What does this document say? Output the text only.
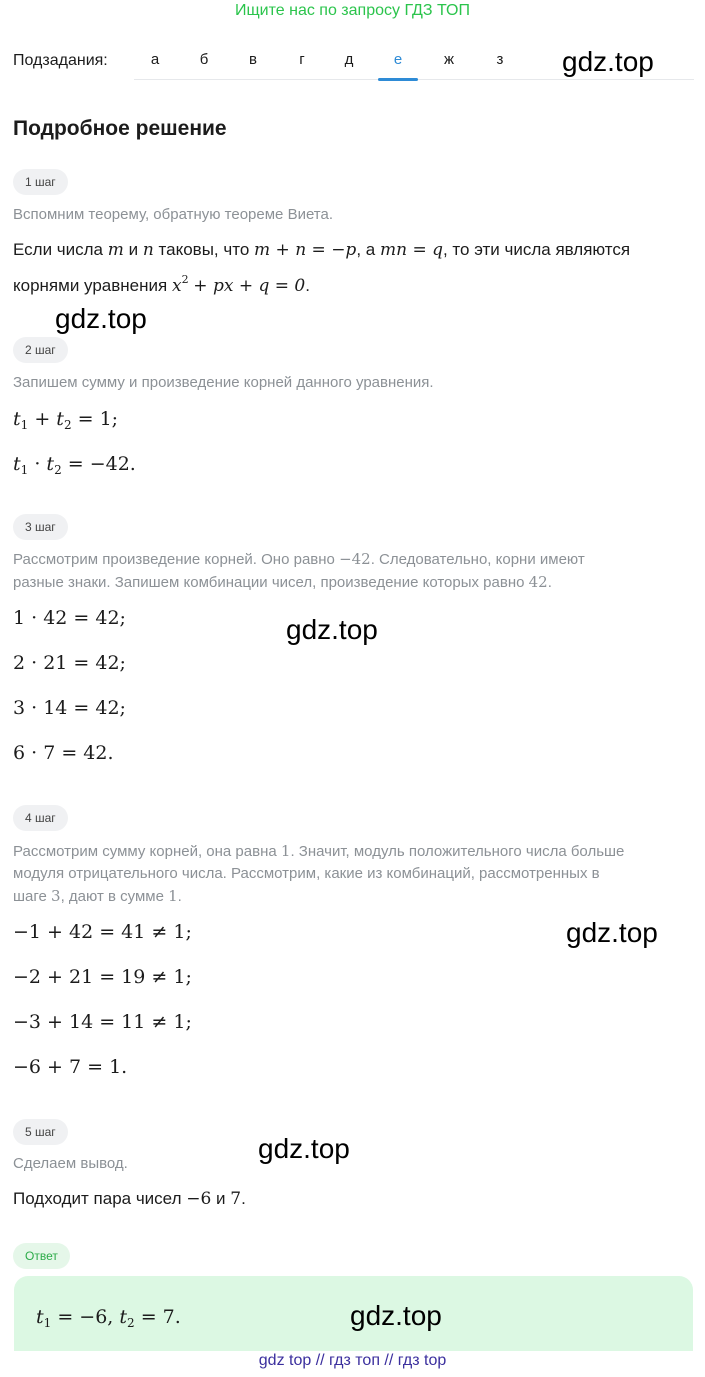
Ищите нас по запросу ГДЗ ТОП
Подзадания:	а	б	в	г	д	е	ж	з	gdz.top
Подробное решение
1 шаг
Вспомним теорему, обратную теореме Виета.
Если числа m и n таковы, что m + n = −p, а mn = q, то эти числа являются
корнями уравнения $x^2$ + px + q = 0.
gdz.top
2 шаг
Запишем сумму и произведение корней данного уравнения.
$t_1 + t_2 = 1$;
$t_1 \cdot t_2 = -42$.
3 шаг
Рассмотрим произведение корней. Оно равно −42. Следовательно, корни имеют
разные знаки. Запишем комбинации чисел, произведение которых равно 42.
1 · 42 = 42;
2 · 21 = 42;
3 · 14 = 42;
6 · 7 = 42.
gdz.top
4 шаг
Рассмотрим сумму корней, она равна 1. Значит, модуль положительного числа больше
модуля отрицательного числа. Рассмотрим, какие из комбинаций, рассмотренных в
шаге 3, дают в сумме 1.
−1 + 42 = 41 ≠ 1;
−2 + 21 = 19 ≠ 1;
−3 + 14 = 11 ≠ 1;
−6 + 7 = 1.
gdz.top
5 шаг
Сделаем вывод.	gdz.top
Подходит пара чисел −6 и 7.
Ответ
$t_1 = -6$, $t_2 = 7$.	gdz.top
gdz top // гдз топ // гдз top
